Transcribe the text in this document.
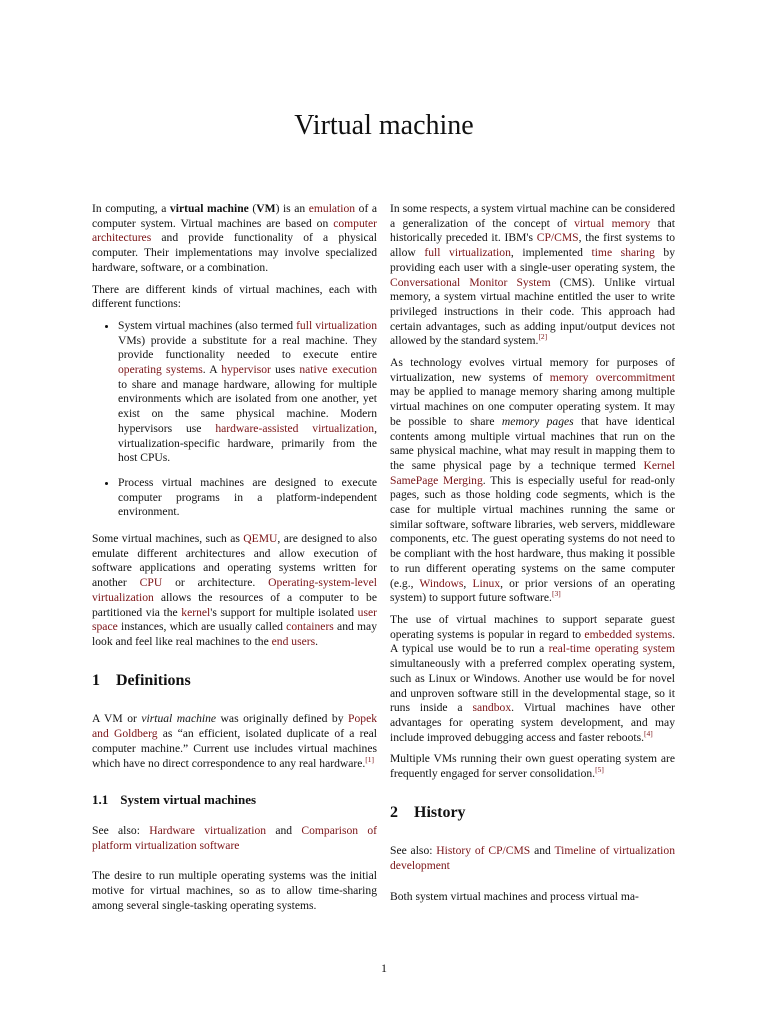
Virtual machine

In computing, a virtual machine (VM) is an emulation of a computer system. Virtual machines are based on computer architectures and provide functionality of a physical computer. Their implementations may involve specialized hardware, software, or a combination.

There are different kinds of virtual machines, each with different functions:

• System virtual machines (also termed full virtualization VMs) provide a substitute for a real machine. They provide functionality needed to execute entire operating systems. A hypervisor uses native execution to share and manage hardware, allowing for multiple environments which are isolated from one another, yet exist on the same physical machine. Modern hypervisors use hardware-assisted virtualization, virtualization-specific hardware, primarily from the host CPUs.
• Process virtual machines are designed to execute computer programs in a platform-independent environment.

Some virtual machines, such as QEMU, are designed to also emulate different architectures and allow execution of software applications and operating systems written for another CPU or architecture. Operating-system-level virtualization allows the resources of a computer to be partitioned via the kernel's support for multiple isolated user space instances, which are usually called containers and may look and feel like real machines to the end users.

1 Definitions

A VM or virtual machine was originally defined by Popek and Goldberg as “an efficient, isolated duplicate of a real computer machine.” Current use includes virtual machines which have no direct correspondence to any real hardware.[1]

1.1 System virtual machines

See also: Hardware virtualization and Comparison of platform virtualization software

The desire to run multiple operating systems was the initial motive for virtual machines, so as to allow time-sharing among several single-tasking operating systems.

In some respects, a system virtual machine can be considered a generalization of the concept of virtual memory that historically preceded it. IBM's CP/CMS, the first systems to allow full virtualization, implemented time sharing by providing each user with a single-user operating system, the Conversational Monitor System (CMS). Unlike virtual memory, a system virtual machine entitled the user to write privileged instructions in their code. This approach had certain advantages, such as adding input/output devices not allowed by the standard system.[2]

As technology evolves virtual memory for purposes of virtualization, new systems of memory overcommitment may be applied to manage memory sharing among multiple virtual machines on one computer operating system. It may be possible to share memory pages that have identical contents among multiple virtual machines that run on the same physical machine, what may result in mapping them to the same physical page by a technique termed Kernel SamePage Merging. This is especially useful for read-only pages, such as those holding code segments, which is the case for multiple virtual machines running the same or similar software, software libraries, web servers, middleware components, etc. The guest operating systems do not need to be compliant with the host hardware, thus making it possible to run different operating systems on the same computer (e.g., Windows, Linux, or prior versions of an operating system) to support future software.[3]

The use of virtual machines to support separate guest operating systems is popular in regard to embedded systems. A typical use would be to run a real-time operating system simultaneously with a preferred complex operating system, such as Linux or Windows. Another use would be for novel and unproven software still in the developmental stage, so it runs inside a sandbox. Virtual machines have other advantages for operating system development, and may include improved debugging access and faster reboots.[4]

Multiple VMs running their own guest operating system are frequently engaged for server consolidation.[5]

2 History

See also: History of CP/CMS and Timeline of virtualization development

Both system virtual machines and process virtual ma-

1
